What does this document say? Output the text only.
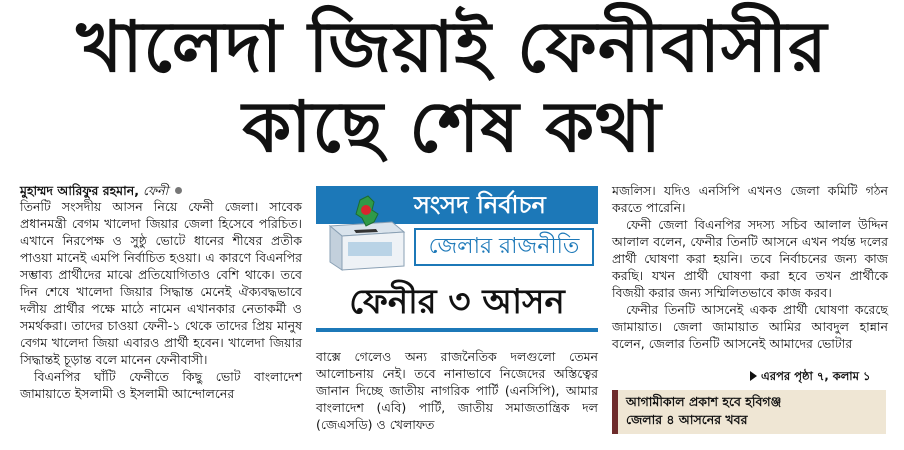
খালেদা জিয়াই ফেনীবাসীর
কাছে শেষ কথা
মুহাম্মদ আরিফুর রহমান, ফেনী

তিনটি সংসদীয় আসন নিয়ে ফেনী জেলা। সাবেক প্রধানমন্ত্রী বেগম খালেদা জিয়ার জেলা হিসেবে পরিচিত। এখানে নিরপেক্ষ ও সুষ্ঠু ভোটে ধানের শীষের প্রতীক পাওয়া মানেই এমপি নির্বাচিত হওয়া। এ কারণে বিএনপির সম্ভাব্য প্রার্থীদের মাঝে প্রতিযোগিতাও বেশি থাকে। তবে দিন শেষে খালেদা জিয়ার সিদ্ধান্ত মেনেই ঐক্যবদ্ধভাবে দলীয় প্রার্থীর পক্ষে মাঠে নামেন এখানকার নেতাকর্মী ও সমর্থকরা। তাদের চাওয়া ফেনী-১ থেকে তাদের প্রিয় মানুষ বেগম খালেদা জিয়া এবারও প্রার্থী হবেন। খালেদা জিয়ার সিদ্ধান্তই চূড়ান্ত বলে মানেন ফেনীবাসী।

বিএনপির ঘাঁটি ফেনীতে কিছু ভোট বাংলাদেশ জামায়াতে ইসলামী ও ইসলামী আন্দোলনের

সংসদ নির্বাচন
জেলার রাজনীতি
ফেনীর ৩ আসন

বাক্সে গেলেও অন্য রাজনৈতিক দলগুলো তেমন আলোচনায় নেই। তবে নানাভাবে নিজেদের অস্তিত্বের জানান দিচ্ছে জাতীয় নাগরিক পার্টি (এনসিপি), আমার বাংলাদেশ (এবি) পার্টি, জাতীয় সমাজতান্ত্রিক দল (জেএসডি) ও খেলাফত

মজলিস। যদিও এনসিপি এখনও জেলা কমিটি গঠন করতে পারেনি।

ফেনী জেলা বিএনপির সদস্য সচিব আলাল উদ্দিন আলাল বলেন, ফেনীর তিনটি আসনে এখন পর্যন্ত দলের প্রার্থী ঘোষণা করা হয়নি। তবে নির্বাচনের জন্য কাজ করছি। যখন প্রার্থী ঘোষণা করা হবে তখন প্রার্থীকে বিজয়ী করার জন্য সম্মিলিতভাবে কাজ করব।

ফেনীর তিনটি আসনেই একক প্রার্থী ঘোষণা করেছে জামায়াত। জেলা জামায়াত আমির আবদুল হান্নান বলেন, জেলার তিনটি আসনেই আমাদের ভোটার

এরপর পৃষ্ঠা ৭, কলাম ১
আগামীকাল প্রকাশ হবে হবিগঞ্জ
জেলার ৪ আসনের খবর
